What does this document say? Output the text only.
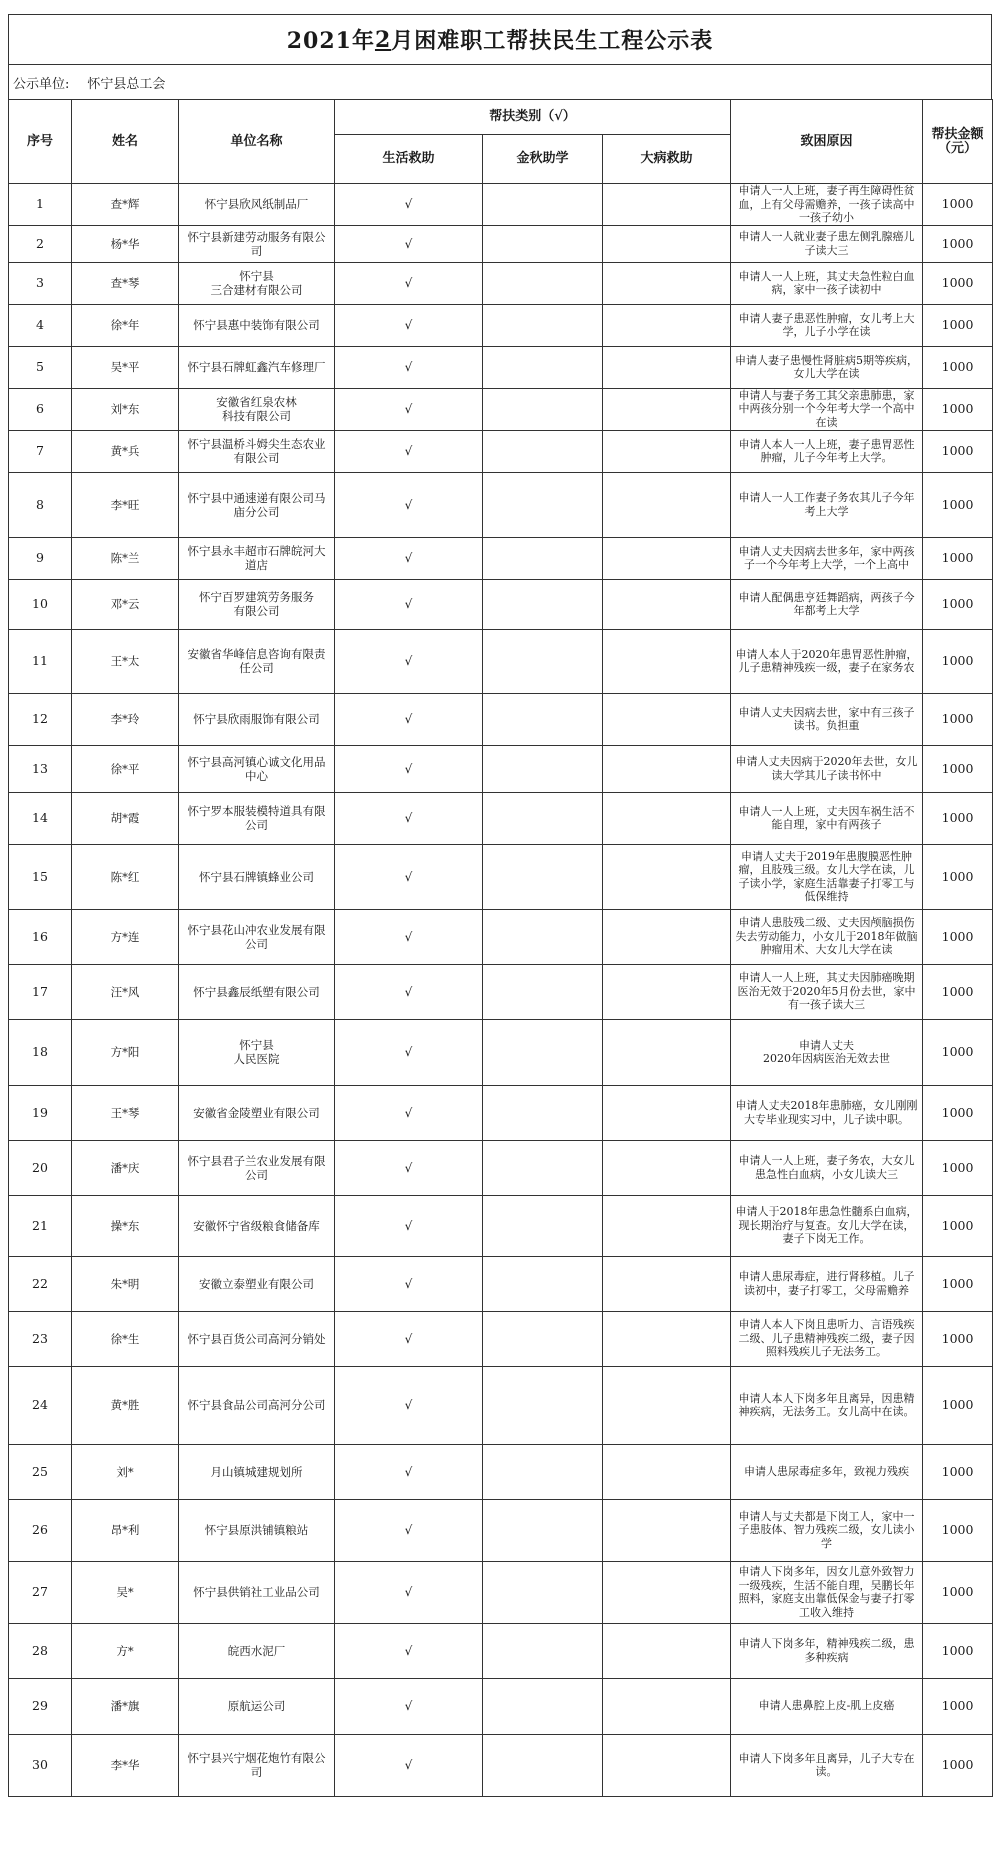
2021年 2 月困难职工帮扶民生工程公示表
公示单位: 怀宁县总工会
序号	姓名	单位名称	帮扶类别（√）			致困原因	帮扶金额（元）
			生活救助	金秋助学	大病救助		
1	查*辉	怀宁县欣风纸制品厂	√			申请人一人上班，妻子再生障碍性贫血，上有父母需赡养，一孩子读高中一孩子幼小	1000
2	杨*华	怀宁县新建劳动服务有限公司	√			申请人一人就业妻子患左侧乳腺癌儿子读大三	1000
3	查*琴	怀宁县
三合建材有限公司	√			申请人一人上班，其丈夫急性粒白血病，家中一孩子读初中	1000
4	徐*年	怀宁县惠中装饰有限公司	√			申请人妻子患恶性肿瘤，女儿考上大学，儿子小学在读	1000
5	吴*平	怀宁县石牌虹鑫汽车修理厂	√			申请人妻子患慢性肾脏病5期等疾病，女儿大学在读	1000
6	刘*东	安徽省红泉农林
科技有限公司	√			申请人与妻子务工其父亲患肺患，家中两孩分别一个今年考大学一个高中在读	1000
7	黄*兵	怀宁县温桥斗姆尖生态农业有限公司	√			申请人本人一人上班，妻子患胃恶性肿瘤，儿子今年考上大学。	1000
8	李*旺	怀宁县中通速递有限公司马庙分公司	√			申请人一人工作妻子务农其儿子今年考上大学	1000
9	陈*兰	怀宁县永丰超市石牌皖河大道店	√			申请人丈夫因病去世多年，家中两孩子一个今年考上大学，一个上高中	1000
10	邓*云	怀宁百罗建筑劳务服务
有限公司	√			申请人配偶患亨廷舞蹈病，两孩子今年都考上大学	1000
11	王*太	安徽省华峰信息咨询有限责任公司	√			申请人本人于2020年患胃恶性肿瘤，儿子患精神残疾一级，妻子在家务农	1000
12	李*玲	怀宁县欣雨服饰有限公司	√			申请人丈夫因病去世，家中有三孩子读书。负担重	1000
13	徐*平	怀宁县高河镇心诚文化用品中心	√			申请人丈夫因病于2020年去世，女儿读大学其儿子读书怀中	1000
14	胡*霞	怀宁罗本服装模特道具有限公司	√			申请人一人上班，丈夫因车祸生活不能自理，家中有两孩子	1000
15	陈*红	怀宁县石牌镇蜂业公司	√			申请人丈夫于2019年患腹膜恶性肿瘤，且肢残三级。女儿大学在读，儿子读小学，家庭生活靠妻子打零工与低保维持	1000
16	方*连	怀宁县花山冲农业发展有限公司	√			申请人患肢残二级、丈夫因颅脑损伤失去劳动能力，小女儿于2018年做脑肿瘤用术、大女儿大学在读	1000
17	汪*风	怀宁县鑫辰纸塑有限公司	√			申请人一人上班，其丈夫因肺癌晚期医治无效于2020年5月份去世，家中有一孩子读大三	1000
18	方*阳	怀宁县
人民医院	√			申请人丈夫
2020年因病医治无效去世	1000
19	王*琴	安徽省金陵塑业有限公司	√			申请人丈夫2018年患肺癌，女儿刚刚大专毕业现实习中，儿子读中职。	1000
20	潘*庆	怀宁县君子兰农业发展有限公司	√			申请人一人上班，妻子务农，大女儿患急性白血病，小女儿读大三	1000
21	操*东	安徽怀宁省级粮食储备库	√			申请人于2018年患急性髓系白血病，现长期治疗与复查。女儿大学在读，妻子下岗无工作。	1000
22	朱*明	安徽立泰塑业有限公司	√			申请人患尿毒症，进行肾移植。儿子读初中，妻子打零工，父母需赡养	1000
23	徐*生	怀宁县百货公司高河分销处	√			申请人本人下岗且患听力、言语残疾二级、儿子患精神残疾二级，妻子因照料残疾儿子无法务工。	1000
24	黄*胜	怀宁县食品公司高河分公司	√			申请人本人下岗多年且离异，因患精神疾病，无法务工。女儿高中在读。	1000
25	刘*	月山镇城建规划所	√			申请人患尿毒症多年，致视力残疾	1000
26	昂*利	怀宁县原洪铺镇粮站	√			申请人与丈夫都是下岗工人，家中一子患肢体、智力残疾二级，女儿读小学	1000
27	吴*	怀宁县供销社工业品公司	√			申请人下岗多年，因女儿意外致智力一级残疾，生活不能自理，吴鹏长年照料，家庭支出靠低保金与妻子打零工收入维持	1000
28	方*	皖西水泥厂	√			申请人下岗多年，精神残疾二级，患多种疾病	1000
29	潘*旗	原航运公司	√			申请人患鼻腔上皮-肌上皮癌	1000
30	李*华	怀宁县兴宁烟花炮竹有限公司	√			申请人下岗多年且离异，儿子大专在读。	1000
